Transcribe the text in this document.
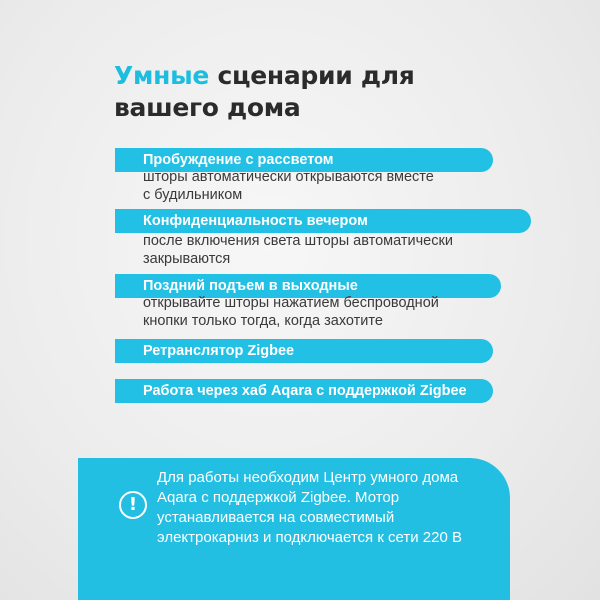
Умные сценарии для
вашего дома
Пробуждение с рассветом
шторы автоматически открываются вместе
с будильником
Конфиденциальность вечером
после включения света шторы автоматически
закрываются
Поздний подъем в выходные
открывайте шторы нажатием беспроводной
кнопки только тогда, когда захотите
Ретранслятор Zigbee
Работа через хаб Aqara с поддержкой Zigbee
!
Для работы необходим Центр умного дома
Aqara с поддержкой Zigbee. Мотор
устанавливается на совместимый
электрокарниз и подключается к сети 220 В
